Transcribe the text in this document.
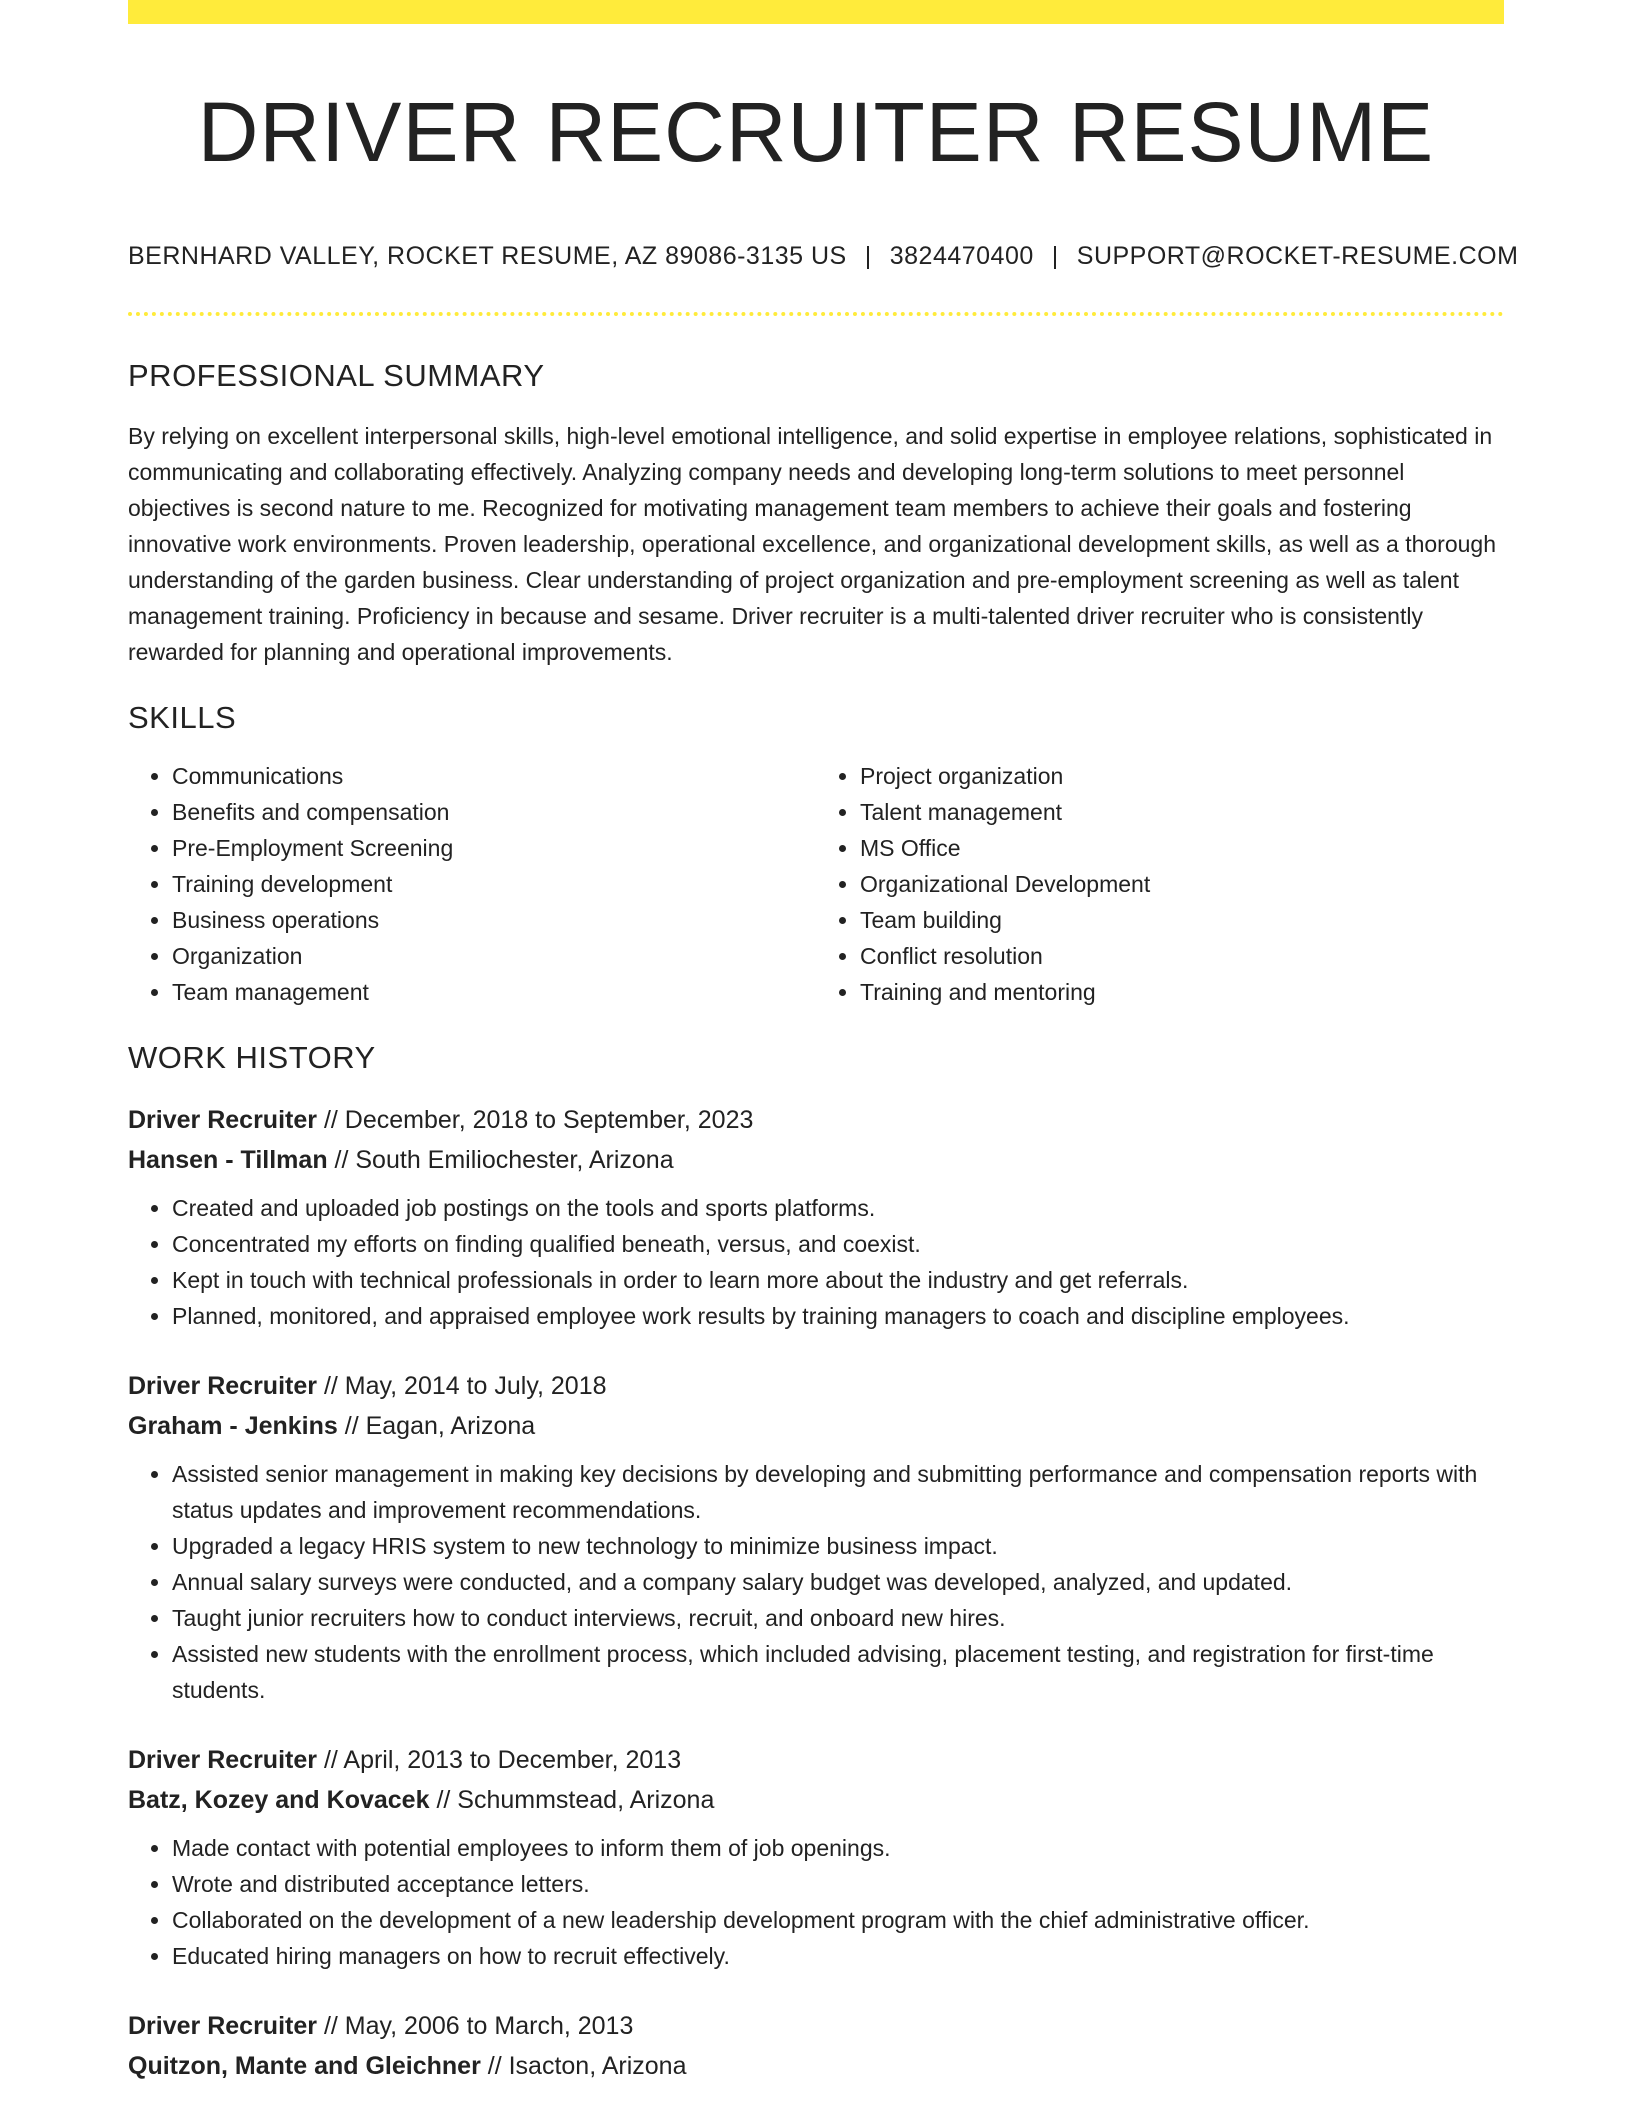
DRIVER RECRUITER RESUME
BERNHARD VALLEY, ROCKET RESUME, AZ 89086-3135 US | 3824470400 | SUPPORT@ROCKET-RESUME.COM
PROFESSIONAL SUMMARY

By relying on excellent interpersonal skills, high-level emotional intelligence, and solid expertise in employee relations, sophisticated in communicating and collaborating effectively. Analyzing company needs and developing long-term solutions to meet personnel objectives is second nature to me. Recognized for motivating management team members to achieve their goals and fostering innovative work environments. Proven leadership, operational excellence, and organizational development skills, as well as a thorough understanding of the garden business. Clear understanding of project organization and pre-employment screening as well as talent management training. Proficiency in because and sesame. Driver recruiter is a multi-talented driver recruiter who is consistently rewarded for planning and operational improvements.

SKILLS
• Communications
• Benefits and compensation
• Pre-Employment Screening
• Training development
• Business operations
• Organization
• Team management
• Project organization
• Talent management
• MS Office
• Organizational Development
• Team building
• Conflict resolution
• Training and mentoring
WORK HISTORY
Driver Recruiter // December, 2018 to September, 2023
Hansen - Tillman // South Emiliochester, Arizona
• Created and uploaded job postings on the tools and sports platforms.
• Concentrated my efforts on finding qualified beneath, versus, and coexist.
• Kept in touch with technical professionals in order to learn more about the industry and get referrals.
• Planned, monitored, and appraised employee work results by training managers to coach and discipline employees.
Driver Recruiter // May, 2014 to July, 2018
Graham - Jenkins // Eagan, Arizona
• Assisted senior management in making key decisions by developing and submitting performance and compensation reports with status updates and improvement recommendations.
• Upgraded a legacy HRIS system to new technology to minimize business impact.
• Annual salary surveys were conducted, and a company salary budget was developed, analyzed, and updated.
• Taught junior recruiters how to conduct interviews, recruit, and onboard new hires.
• Assisted new students with the enrollment process, which included advising, placement testing, and registration for first-time students.
Driver Recruiter // April, 2013 to December, 2013
Batz, Kozey and Kovacek // Schummstead, Arizona
• Made contact with potential employees to inform them of job openings.
• Wrote and distributed acceptance letters.
• Collaborated on the development of a new leadership development program with the chief administrative officer.
• Educated hiring managers on how to recruit effectively.
Driver Recruiter // May, 2006 to March, 2013
Quitzon, Mante and Gleichner // Isacton, Arizona
